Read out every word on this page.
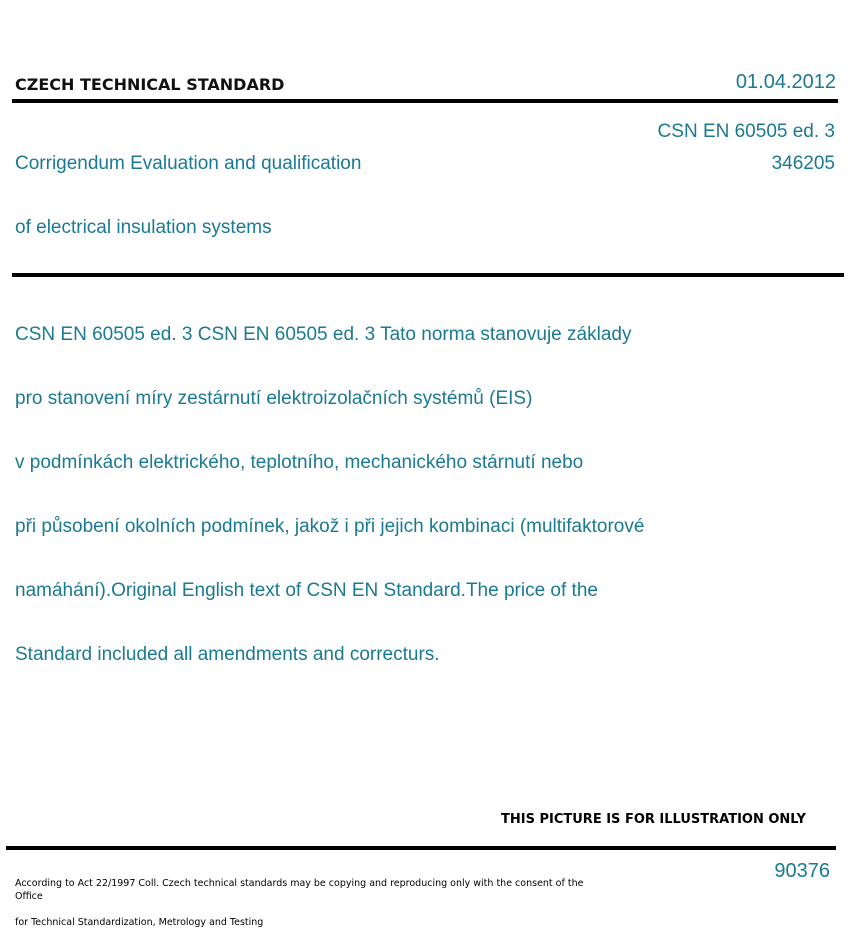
CZECH TECHNICAL STANDARD	01.04.2012

Corrigendum Evaluation and qualification

of electrical insulation systems

CSN EN 60505 ed. 3
346205

CSN EN 60505 ed. 3 CSN EN 60505 ed. 3 Tato norma stanovuje základy

pro stanovení míry zestárnutí elektroizolačních systémů (EIS)

v podmínkách elektrického, teplotního, mechanického stárnutí nebo

při působení okolních podmínek, jakož i při jejich kombinaci (multifaktorové

namáhání).Original English text of CSN EN Standard.The price of the

Standard included all amendments and correcturs.

THIS PICTURE IS FOR ILLUSTRATION ONLY

According to Act 22/1997 Coll. Czech technical standards may be copying and reproducing only with the consent of the Office

for Technical Standardization, Metrology and Testing

90376
